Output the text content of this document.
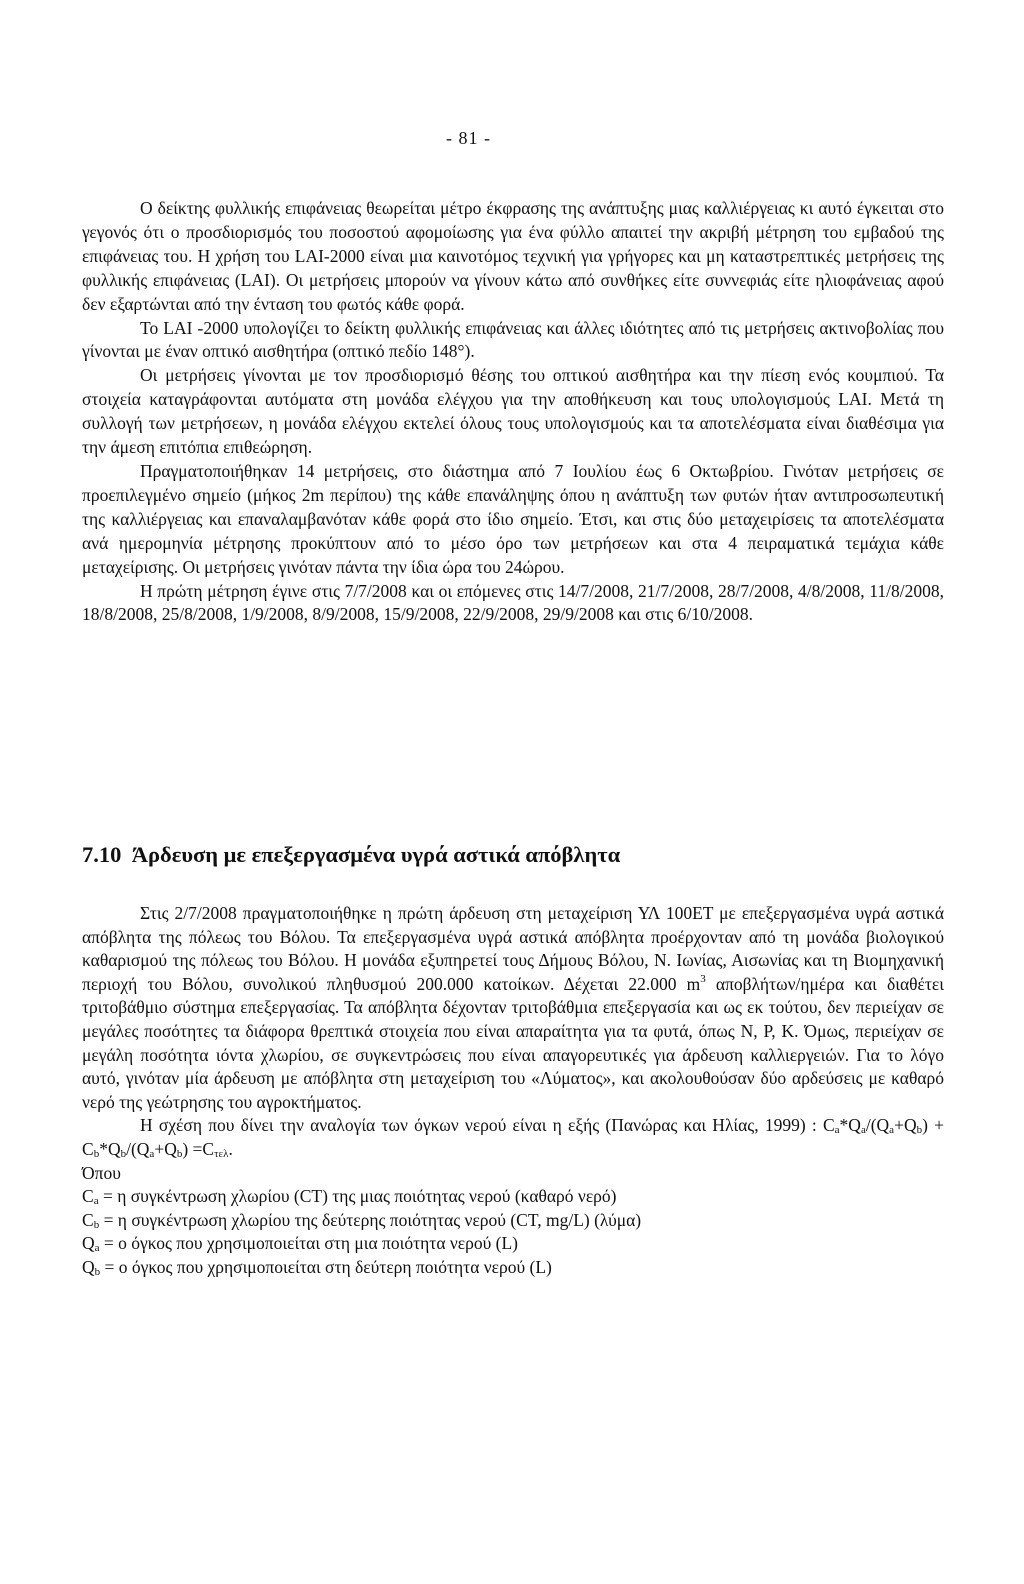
- 81 -

Ο δείκτης φυλλικής επιφάνειας θεωρείται μέτρο έκφρασης της ανάπτυξης μιας καλλιέργειας κι αυτό έγκειται στο γεγονός ότι ο προσδιορισμός του ποσοστού αφομοίωσης για ένα φύλλο απαιτεί την ακριβή μέτρηση του εμβαδού της επιφάνειας του. Η χρήση του LAI-2000 είναι μια καινοτόμος τεχνική για γρήγορες και μη καταστρεπτικές μετρήσεις της φυλλικής επιφάνειας (LAI). Οι μετρήσεις μπορούν να γίνουν κάτω από συνθήκες είτε συννεφιάς είτε ηλιοφάνειας αφού δεν εξαρτώνται από την ένταση του φωτός κάθε φορά.

Το LAI -2000 υπολογίζει το δείκτη φυλλικής επιφάνειας και άλλες ιδιότητες από τις μετρήσεις ακτινοβολίας που γίνονται με έναν οπτικό αισθητήρα (οπτικό πεδίο 148°).

Οι μετρήσεις γίνονται με τον προσδιορισμό θέσης του οπτικού αισθητήρα και την πίεση ενός κουμπιού. Τα στοιχεία καταγράφονται αυτόματα στη μονάδα ελέγχου για την αποθήκευση και τους υπολογισμούς LAI. Μετά τη συλλογή των μετρήσεων, η μονάδα ελέγχου εκτελεί όλους τους υπολογισμούς και τα αποτελέσματα είναι διαθέσιμα για την άμεση επιτόπια επιθεώρηση.

Πραγματοποιήθηκαν 14 μετρήσεις, στο διάστημα από 7 Ιουλίου έως 6 Οκτωβρίου. Γινόταν μετρήσεις σε προεπιλεγμένο σημείο (μήκος 2m περίπου) της κάθε επανάληψης όπου η ανάπτυξη των φυτών ήταν αντιπροσωπευτική της καλλιέργειας και επαναλαμβανόταν κάθε φορά στο ίδιο σημείο. Έτσι, και στις δύο μεταχειρίσεις τα αποτελέσματα ανά ημερομηνία μέτρησης προκύπτουν από το μέσο όρο των μετρήσεων και στα 4 πειραματικά τεμάχια κάθε μεταχείρισης. Οι μετρήσεις γινόταν πάντα την ίδια ώρα του 24ώρου.

Η πρώτη μέτρηση έγινε στις 7/7/2008 και οι επόμενες στις 14/7/2008, 21/7/2008, 28/7/2008, 4/8/2008, 11/8/2008, 18/8/2008, 25/8/2008, 1/9/2008, 8/9/2008, 15/9/2008, 22/9/2008, 29/9/2008 και στις 6/10/2008.

7.10 Άρδευση με επεξεργασμένα υγρά αστικά απόβλητα

Στις 2/7/2008 πραγματοποιήθηκε η πρώτη άρδευση στη μεταχείριση ΥΛ 100ΕΤ με επεξεργασμένα υγρά αστικά απόβλητα της πόλεως του Βόλου. Τα επεξεργασμένα υγρά αστικά απόβλητα προέρχονταν από τη μονάδα βιολογικού καθαρισμού της πόλεως του Βόλου. Η μονάδα εξυπηρετεί τους Δήμους Βόλου, Ν. Ιωνίας, Αισωνίας και τη Βιομηχανική περιοχή του Βόλου, συνολικού πληθυσμού 200.000 κατοίκων. Δέχεται 22.000 $m^3$ αποβλήτων/ημέρα και διαθέτει τριτοβάθμιο σύστημα επεξεργασίας. Τα απόβλητα δέχονταν τριτοβάθμια επεξεργασία και ως εκ τούτου, δεν περιείχαν σε μεγάλες ποσότητες τα διάφορα θρεπτικά στοιχεία που είναι απαραίτητα για τα φυτά, όπως N, P, K. Όμως, περιείχαν σε μεγάλη ποσότητα ιόντα χλωρίου, σε συγκεντρώσεις που είναι απαγορευτικές για άρδευση καλλιεργειών. Για το λόγο αυτό, γινόταν μία άρδευση με απόβλητα στη μεταχείριση του «Λύματος», και ακολουθούσαν δύο αρδεύσεις με καθαρό νερό της γεώτρησης του αγροκτήματος.

Η σχέση που δίνει την αναλογία των όγκων νερού είναι η εξής (Πανώρας και Ηλίας, 1999) : $C_a*Q_a/(Q_a+Q_b) + C_b*Q_b/(Q_a+Q_b) =C_{\tau\varepsilon\lambda}$.

Όπου

$C_a = \eta$ συγκέντρωση χλωρίου (CT) της μιας ποιότητας νερού (καθαρό νερό)

$C_b = \eta$ συγκέντρωση χλωρίου της δεύτερης ποιότητας νερού (CT, mg/L) (λύμα)

$Q_a = o$ όγκος που χρησιμοποιείται στη μια ποιότητα νερού (L)

$Q_b = o$ όγκος που χρησιμοποιείται στη δεύτερη ποιότητα νερού (L)
